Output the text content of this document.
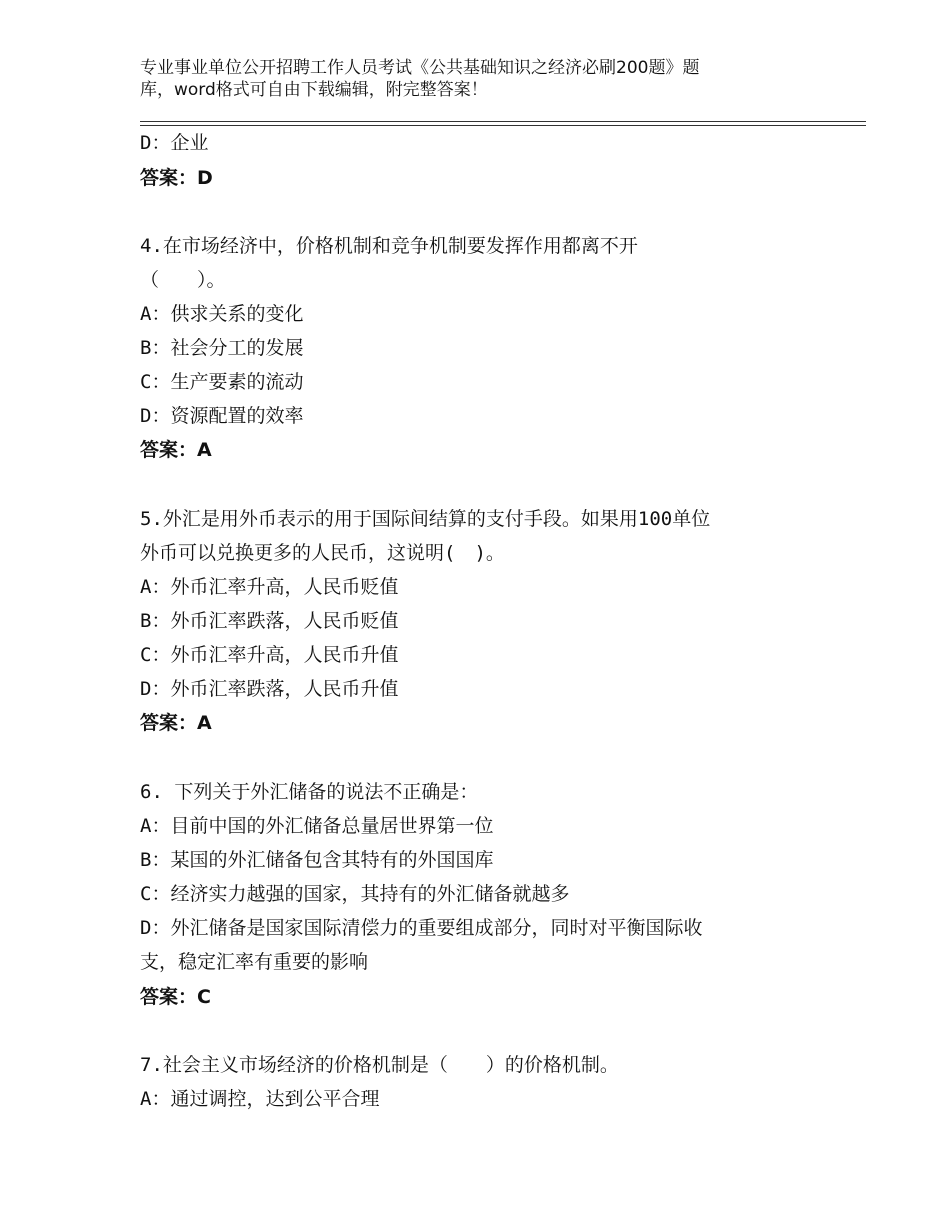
专业事业单位公开招聘工作人员考试《公共基础知识之经济必刷200题》题
库，word格式可自由下载编辑，附完整答案！
D：企业
答案：D
4.在市场经济中，价格机制和竞争机制要发挥作用都离不开
（　　）。
A：供求关系的变化
B：社会分工的发展
C：生产要素的流动
D：资源配置的效率
答案：A
5.外汇是用外币表示的用于国际间结算的支付手段。如果用100单位
外币可以兑换更多的人民币，这说明(　)。
A：外币汇率升高，人民币贬值
B：外币汇率跌落，人民币贬值
C：外币汇率升高，人民币升值
D：外币汇率跌落，人民币升值
答案：A
6. 下列关于外汇储备的说法不正确是：
A：目前中国的外汇储备总量居世界第一位
B：某国的外汇储备包含其特有的外国国库
C：经济实力越强的国家，其持有的外汇储备就越多
D：外汇储备是国家国际清偿力的重要组成部分，同时对平衡国际收
支，稳定汇率有重要的影响
答案：C
7.社会主义市场经济的价格机制是（　　）的价格机制。
A：通过调控，达到公平合理
